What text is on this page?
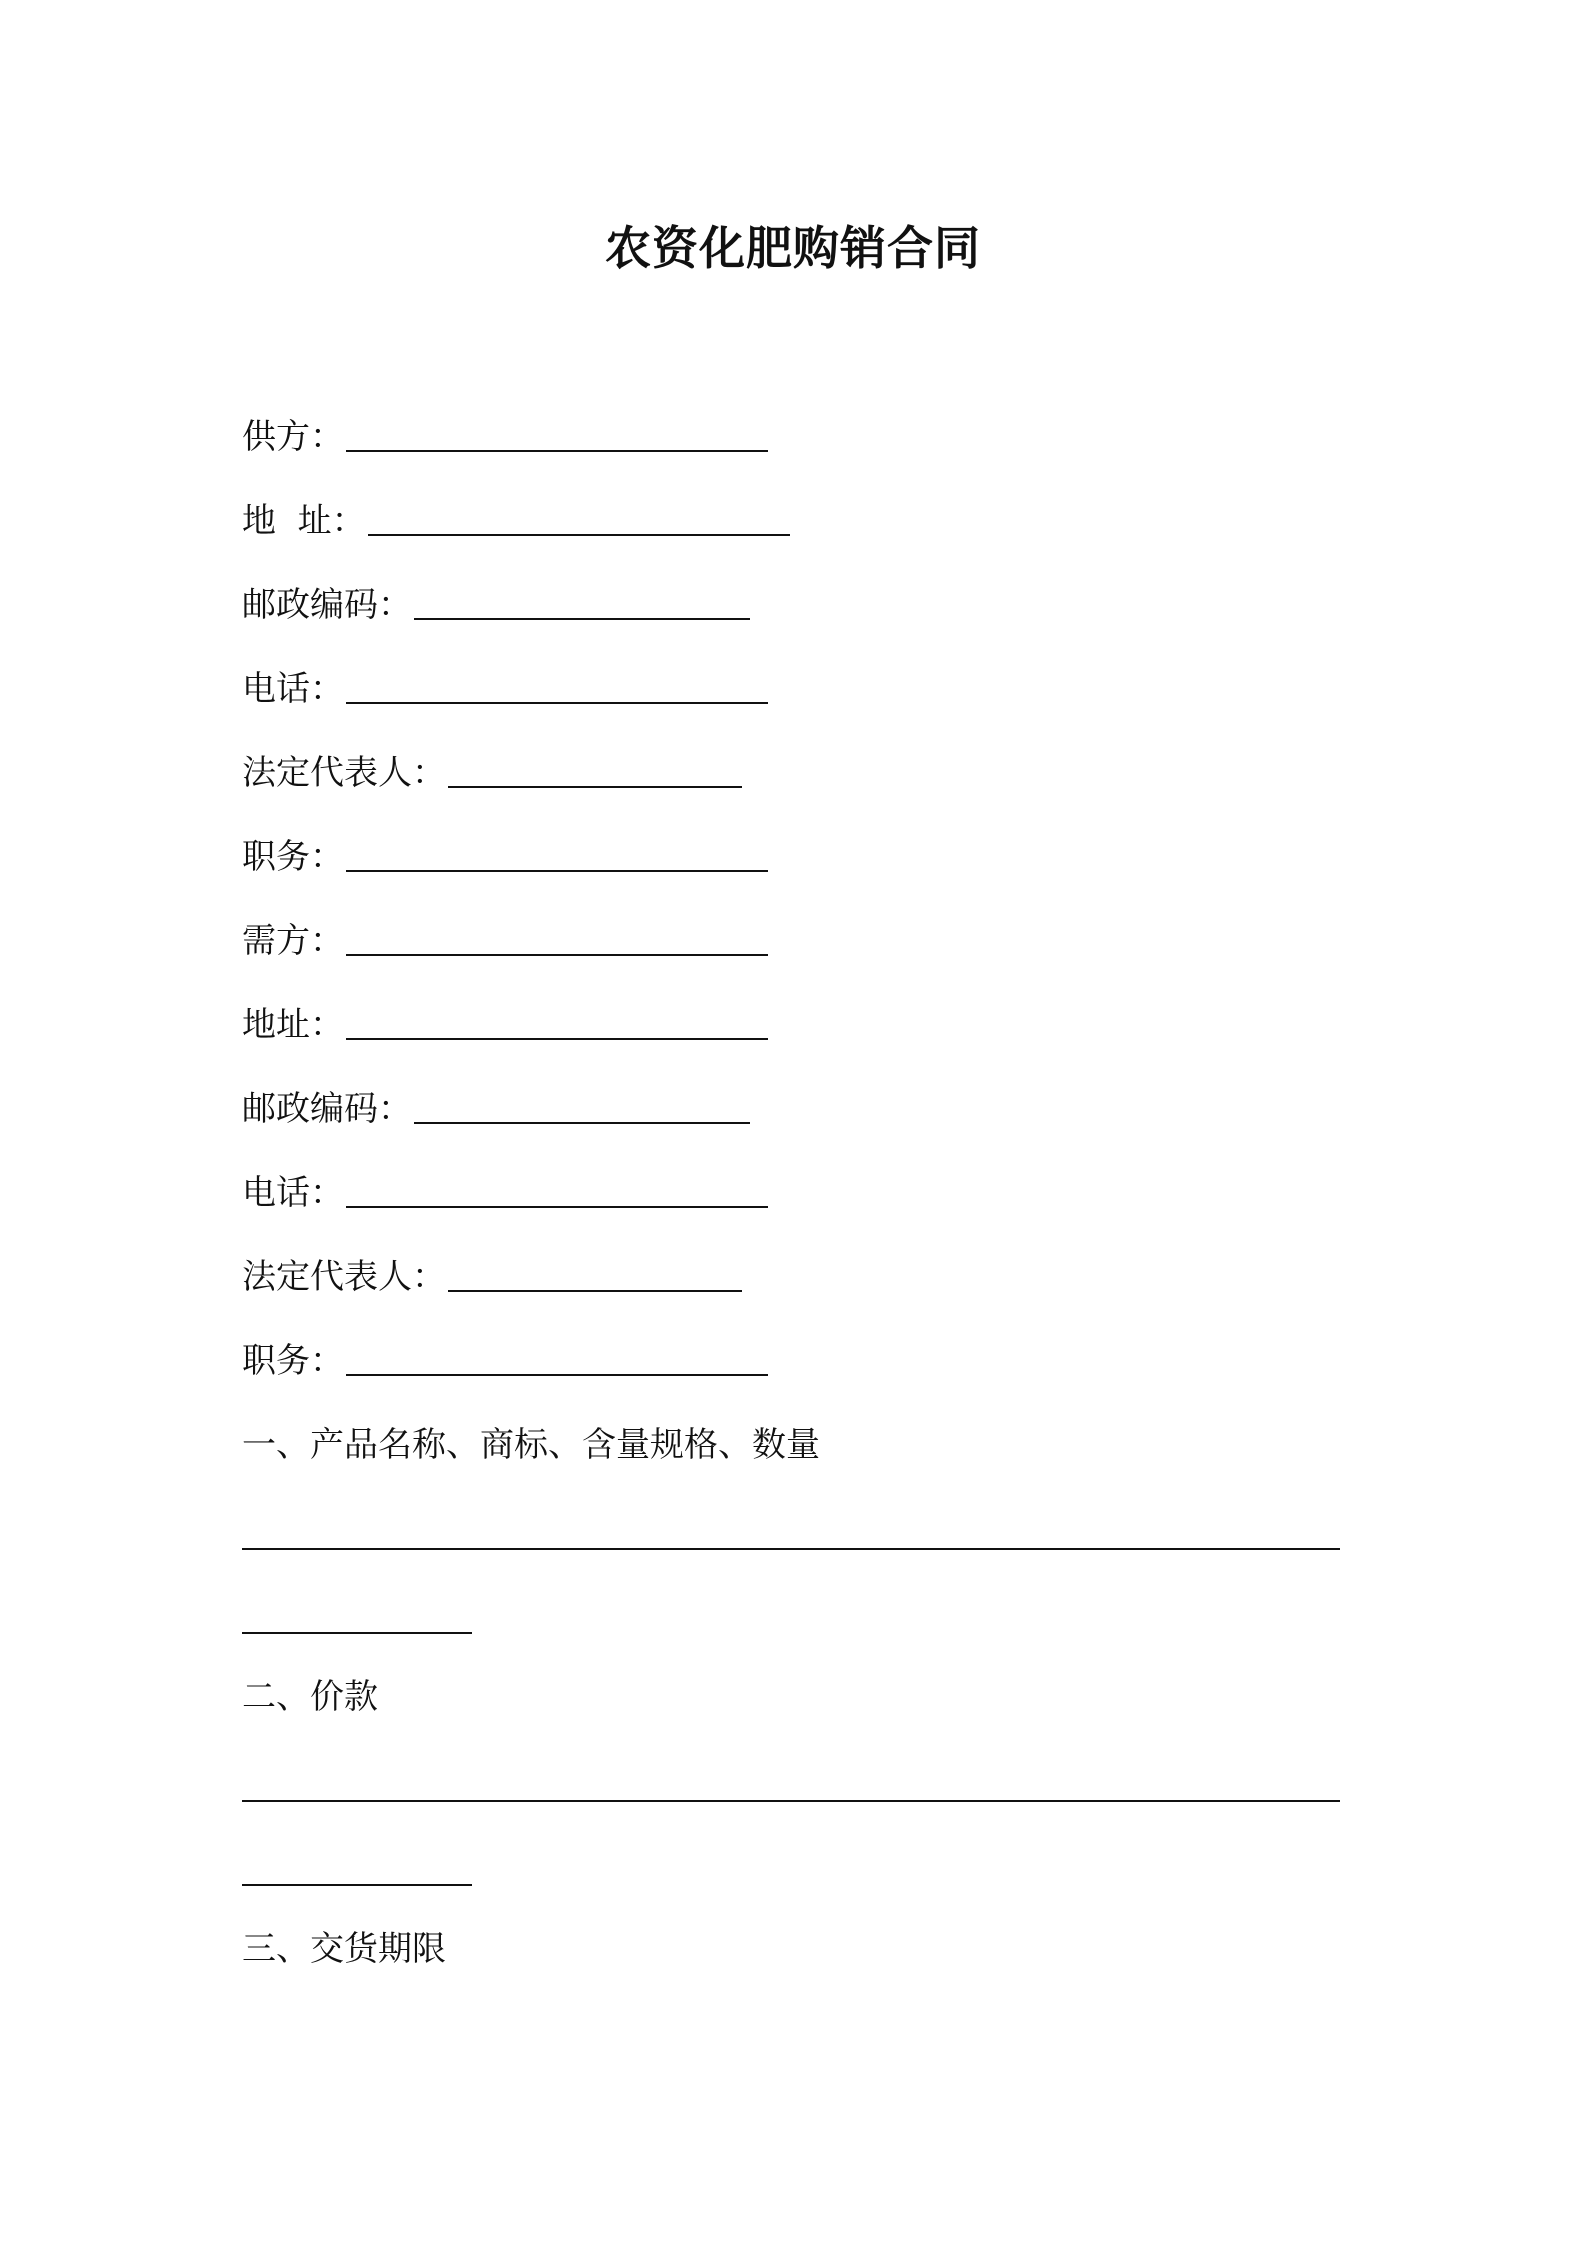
农资化肥购销合同
供方：
地  址：
邮政编码：
电话：
法定代表人：
职务：
需方：
地址：
邮政编码：
电话：
法定代表人：
职务：
一、产品名称、商标、含量规格、数量
二、价款
三、交货期限
